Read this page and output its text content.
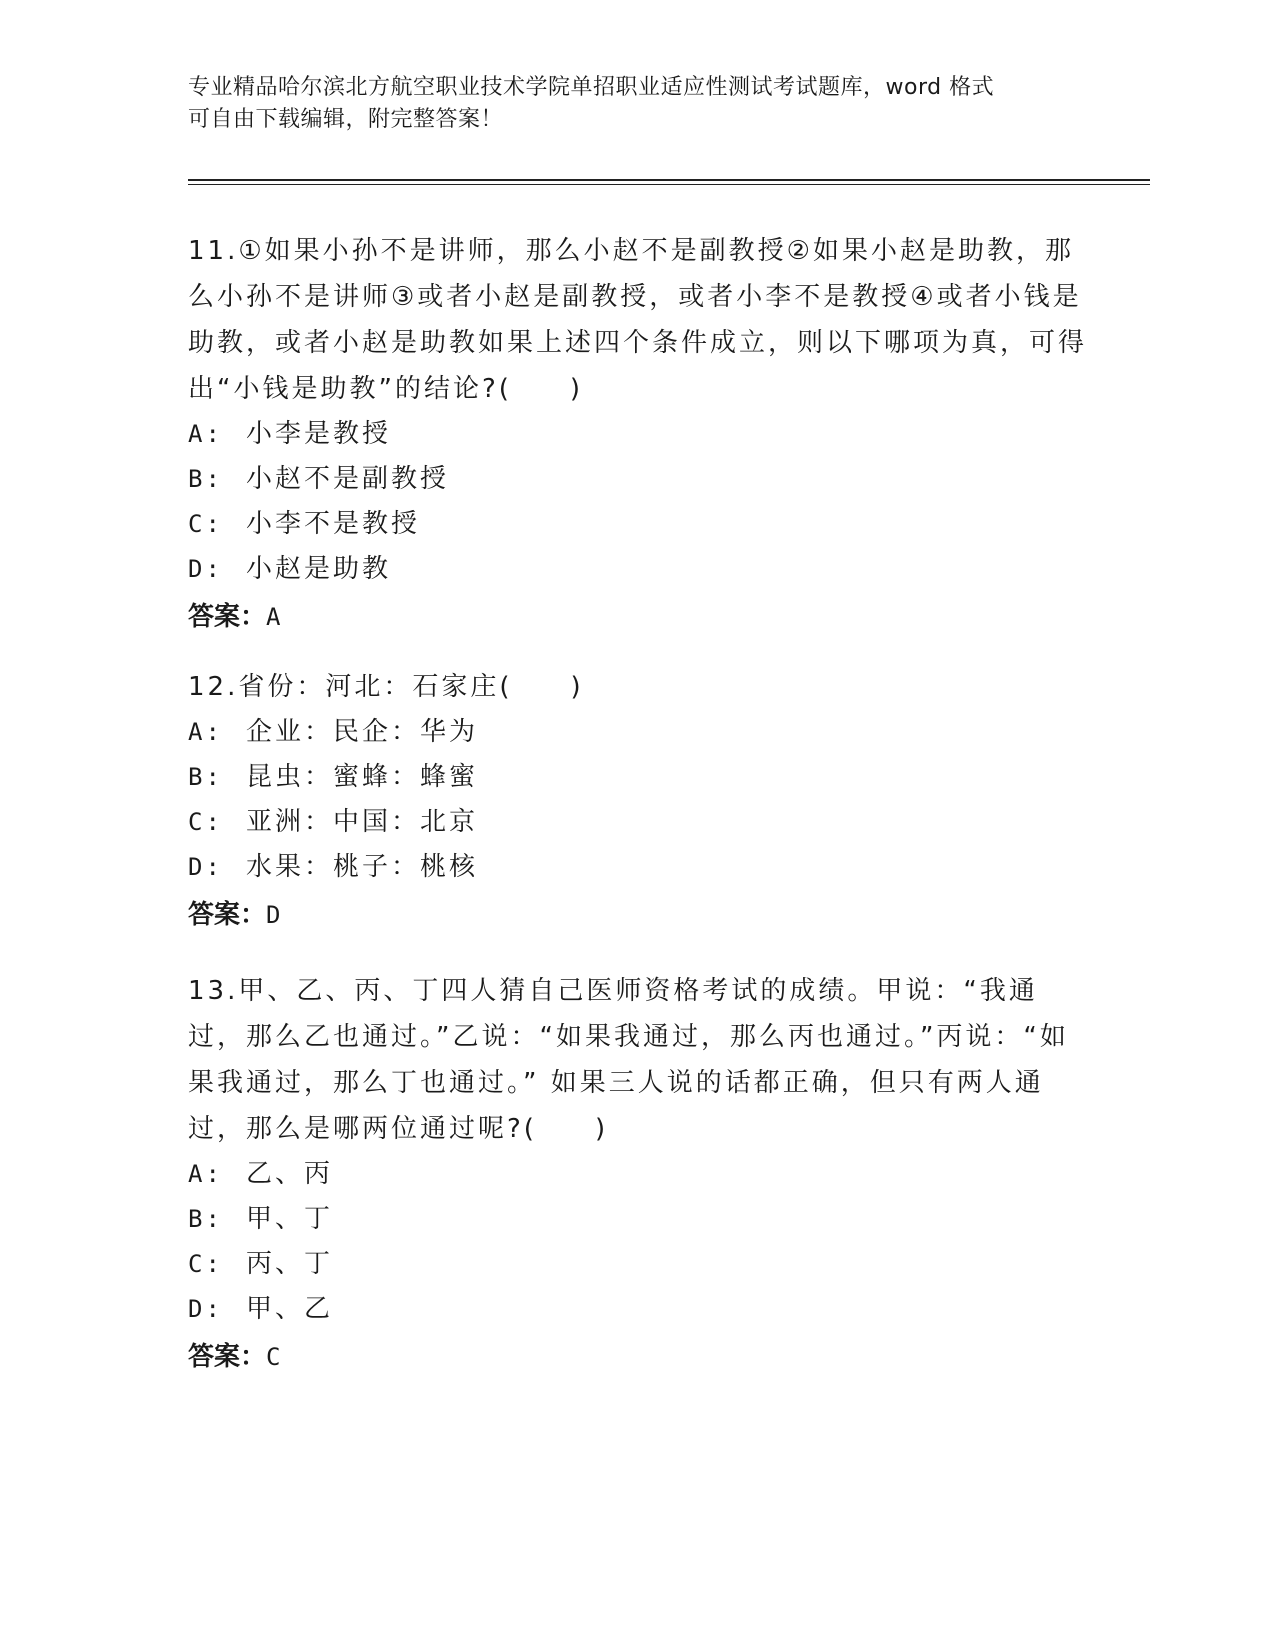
专业精品哈尔滨北方航空职业技术学院单招职业适应性测试考试题库，word 格式
可自由下载编辑，附完整答案！
11.①如果小孙不是讲师，那么小赵不是副教授②如果小赵是助教，那么小孙不是讲师③或者小赵是副教授，或者小李不是教授④或者小钱是助教，或者小赵是助教如果上述四个条件成立，则以下哪项为真，可得出“小钱是助教”的结论?(　　)
A: 小李是教授
B: 小赵不是副教授
C: 小李不是教授
D: 小赵是助教
答案：A
12.省份：河北：石家庄(　　)
A: 企业：民企：华为
B: 昆虫：蜜蜂：蜂蜜
C: 亚洲：中国：北京
D: 水果：桃子：桃核
答案：D
13.甲、乙、丙、丁四人猜自己医师资格考试的成绩。甲说：“我通过，那么乙也通过。”乙说：“如果我通过，那么丙也通过。”丙说：“如果我通过，那么丁也通过。” 如果三人说的话都正确，但只有两人通过，那么是哪两位通过呢?(　　)
A: 乙、丙
B: 甲、丁
C: 丙、丁
D: 甲、乙
答案：C
